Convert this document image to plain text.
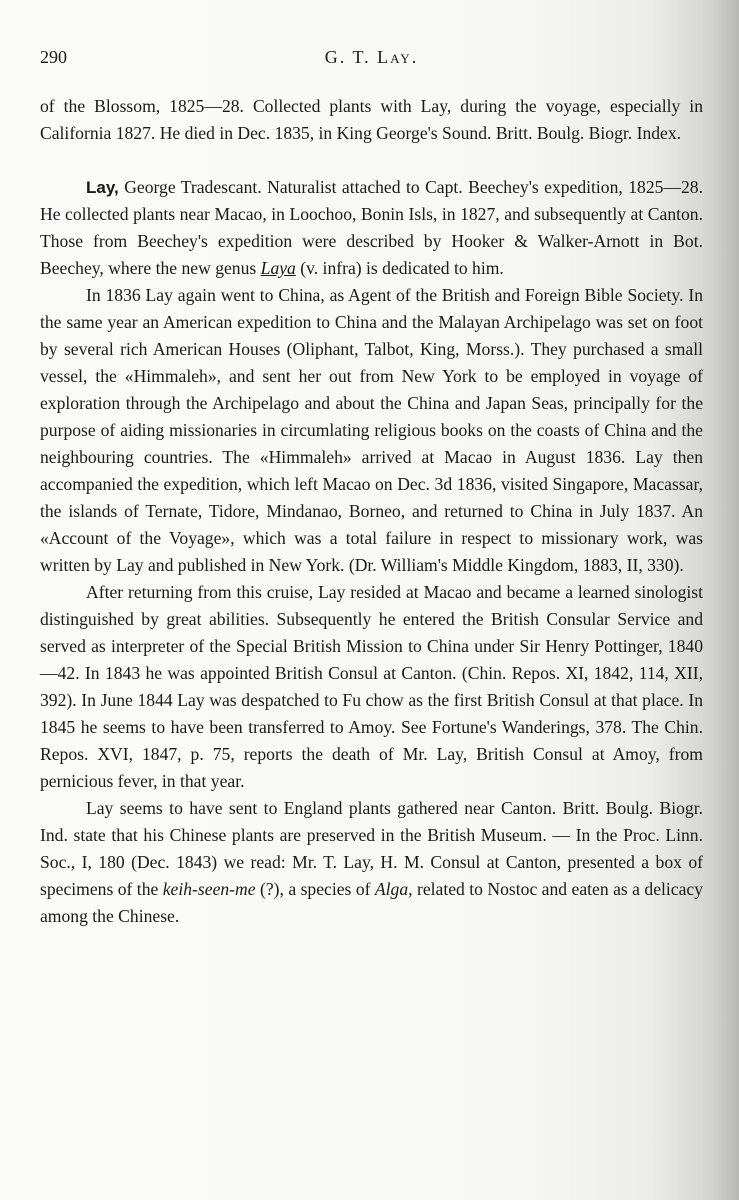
290	G. T. Lay.

of the Blossom, 1825—28. Collected plants with Lay, during the voyage, especially in California 1827. He died in Dec. 1835, in King George's Sound. Britt. Boulg. Biogr. Index.

Lay, George Tradescant. Naturalist attached to Capt. Beechey's expedition, 1825—28. He collected plants near Macao, in Loochoo, Bonin Isls, in 1827, and subsequently at Canton. Those from Beechey's expedition were described by Hooker & Walker-Arnott in Bot. Beechey, where the new genus Laya (v. infra) is dedicated to him.

In 1836 Lay again went to China, as Agent of the British and Foreign Bible Society. In the same year an American expedition to China and the Malayan Archipelago was set on foot by several rich American Houses (Oliphant, Talbot, King, Morss.). They purchased a small vessel, the «Himmaleh», and sent her out from New York to be employed in voyage of exploration through the Archipelago and about the China and Japan Seas, principally for the purpose of aiding missionaries in circumlating religious books on the coasts of China and the neighbouring countries. The «Himmaleh» arrived at Macao in August 1836. Lay then accompanied the expedition, which left Macao on Dec. 3d 1836, visited Singapore, Macassar, the islands of Ternate, Tidore, Mindanao, Borneo, and returned to China in July 1837. An «Account of the Voyage», which was a total failure in respect to missionary work, was written by Lay and published in New York. (Dr. William's Middle Kingdom, 1883, II, 330).

After returning from this cruise, Lay resided at Macao and became a learned sinologist distinguished by great abilities. Subsequently he entered the British Consular Service and served as interpreter of the Special British Mission to China under Sir Henry Pottinger, 1840—42. In 1843 he was appointed British Consul at Canton. (Chin. Repos. XI, 1842, 114, XII, 392). In June 1844 Lay was despatched to Fu chow as the first British Consul at that place. In 1845 he seems to have been transferred to Amoy. See Fortune's Wanderings, 378. The Chin. Repos. XVI, 1847, p. 75, reports the death of Mr. Lay, British Consul at Amoy, from pernicious fever, in that year.

Lay seems to have sent to England plants gathered near Canton. Britt. Boulg. Biogr. Ind. state that his Chinese plants are preserved in the British Museum. — In the Proc. Linn. Soc., I, 180 (Dec. 1843) we read: Mr. T. Lay, H. M. Consul at Canton, presented a box of specimens of the keih-seen-me (?), a species of Alga, related to Nostoc and eaten as a delicacy among the Chinese.
